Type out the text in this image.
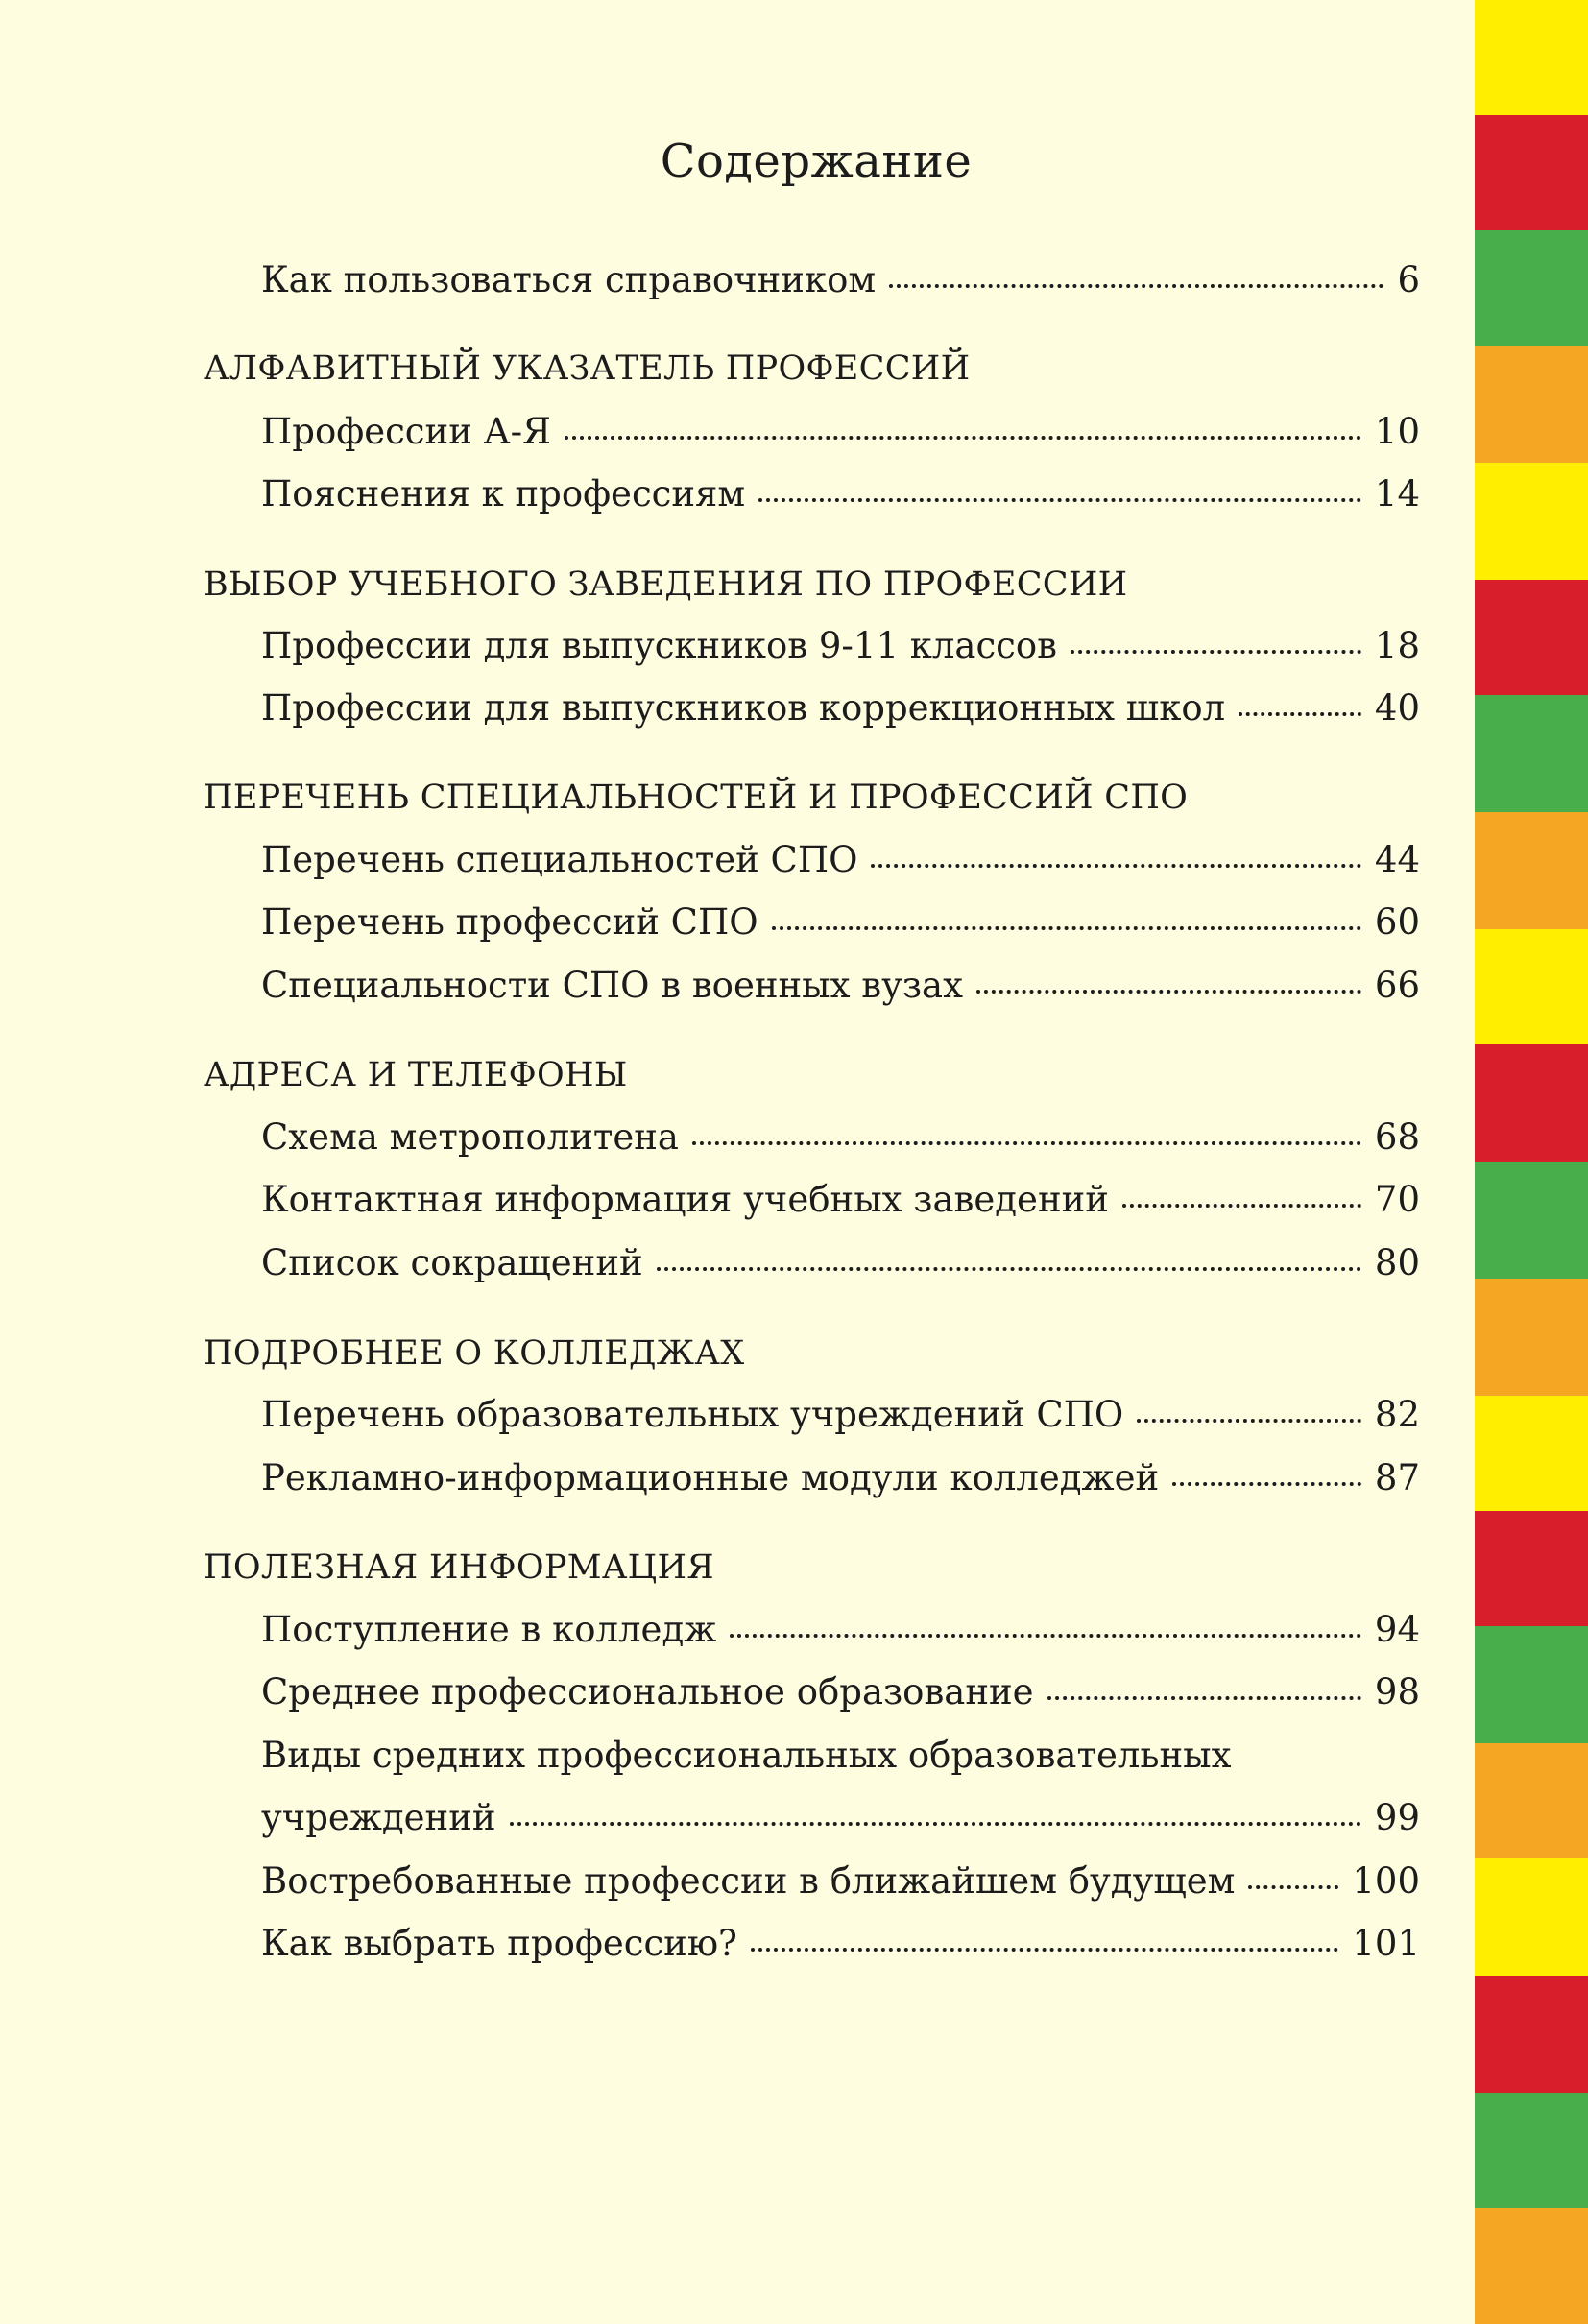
Содержание
Как пользоваться справочником	6
АЛФАВИТНЫЙ УКАЗАТЕЛЬ ПРОФЕССИЙ
Профессии А-Я	10
Пояснения к профессиям	14
ВЫБОР УЧЕБНОГО ЗАВЕДЕНИЯ ПО ПРОФЕССИИ
Профессии для выпускников 9-11 классов	18
Профессии для выпускников коррекционных школ	40
ПЕРЕЧЕНЬ СПЕЦИАЛЬНОСТЕЙ И ПРОФЕССИЙ СПО
Перечень специальностей СПО	44
Перечень профессий СПО	60
Специальности СПО в военных вузах	66
АДРЕСА И ТЕЛЕФОНЫ
Схема метрополитена	68
Контактная информация учебных заведений	70
Список сокращений	80
ПОДРОБНЕЕ О КОЛЛЕДЖАХ
Перечень образовательных учреждений СПО	82
Рекламно-информационные модули колледжей	87
ПОЛЕЗНАЯ ИНФОРМАЦИЯ
Поступление в колледж	94
Среднее профессиональное образование	98
Виды средних профессиональных образовательных
учреждений	99
Востребованные профессии в ближайшем будущем	100
Как выбрать профессию?	101
